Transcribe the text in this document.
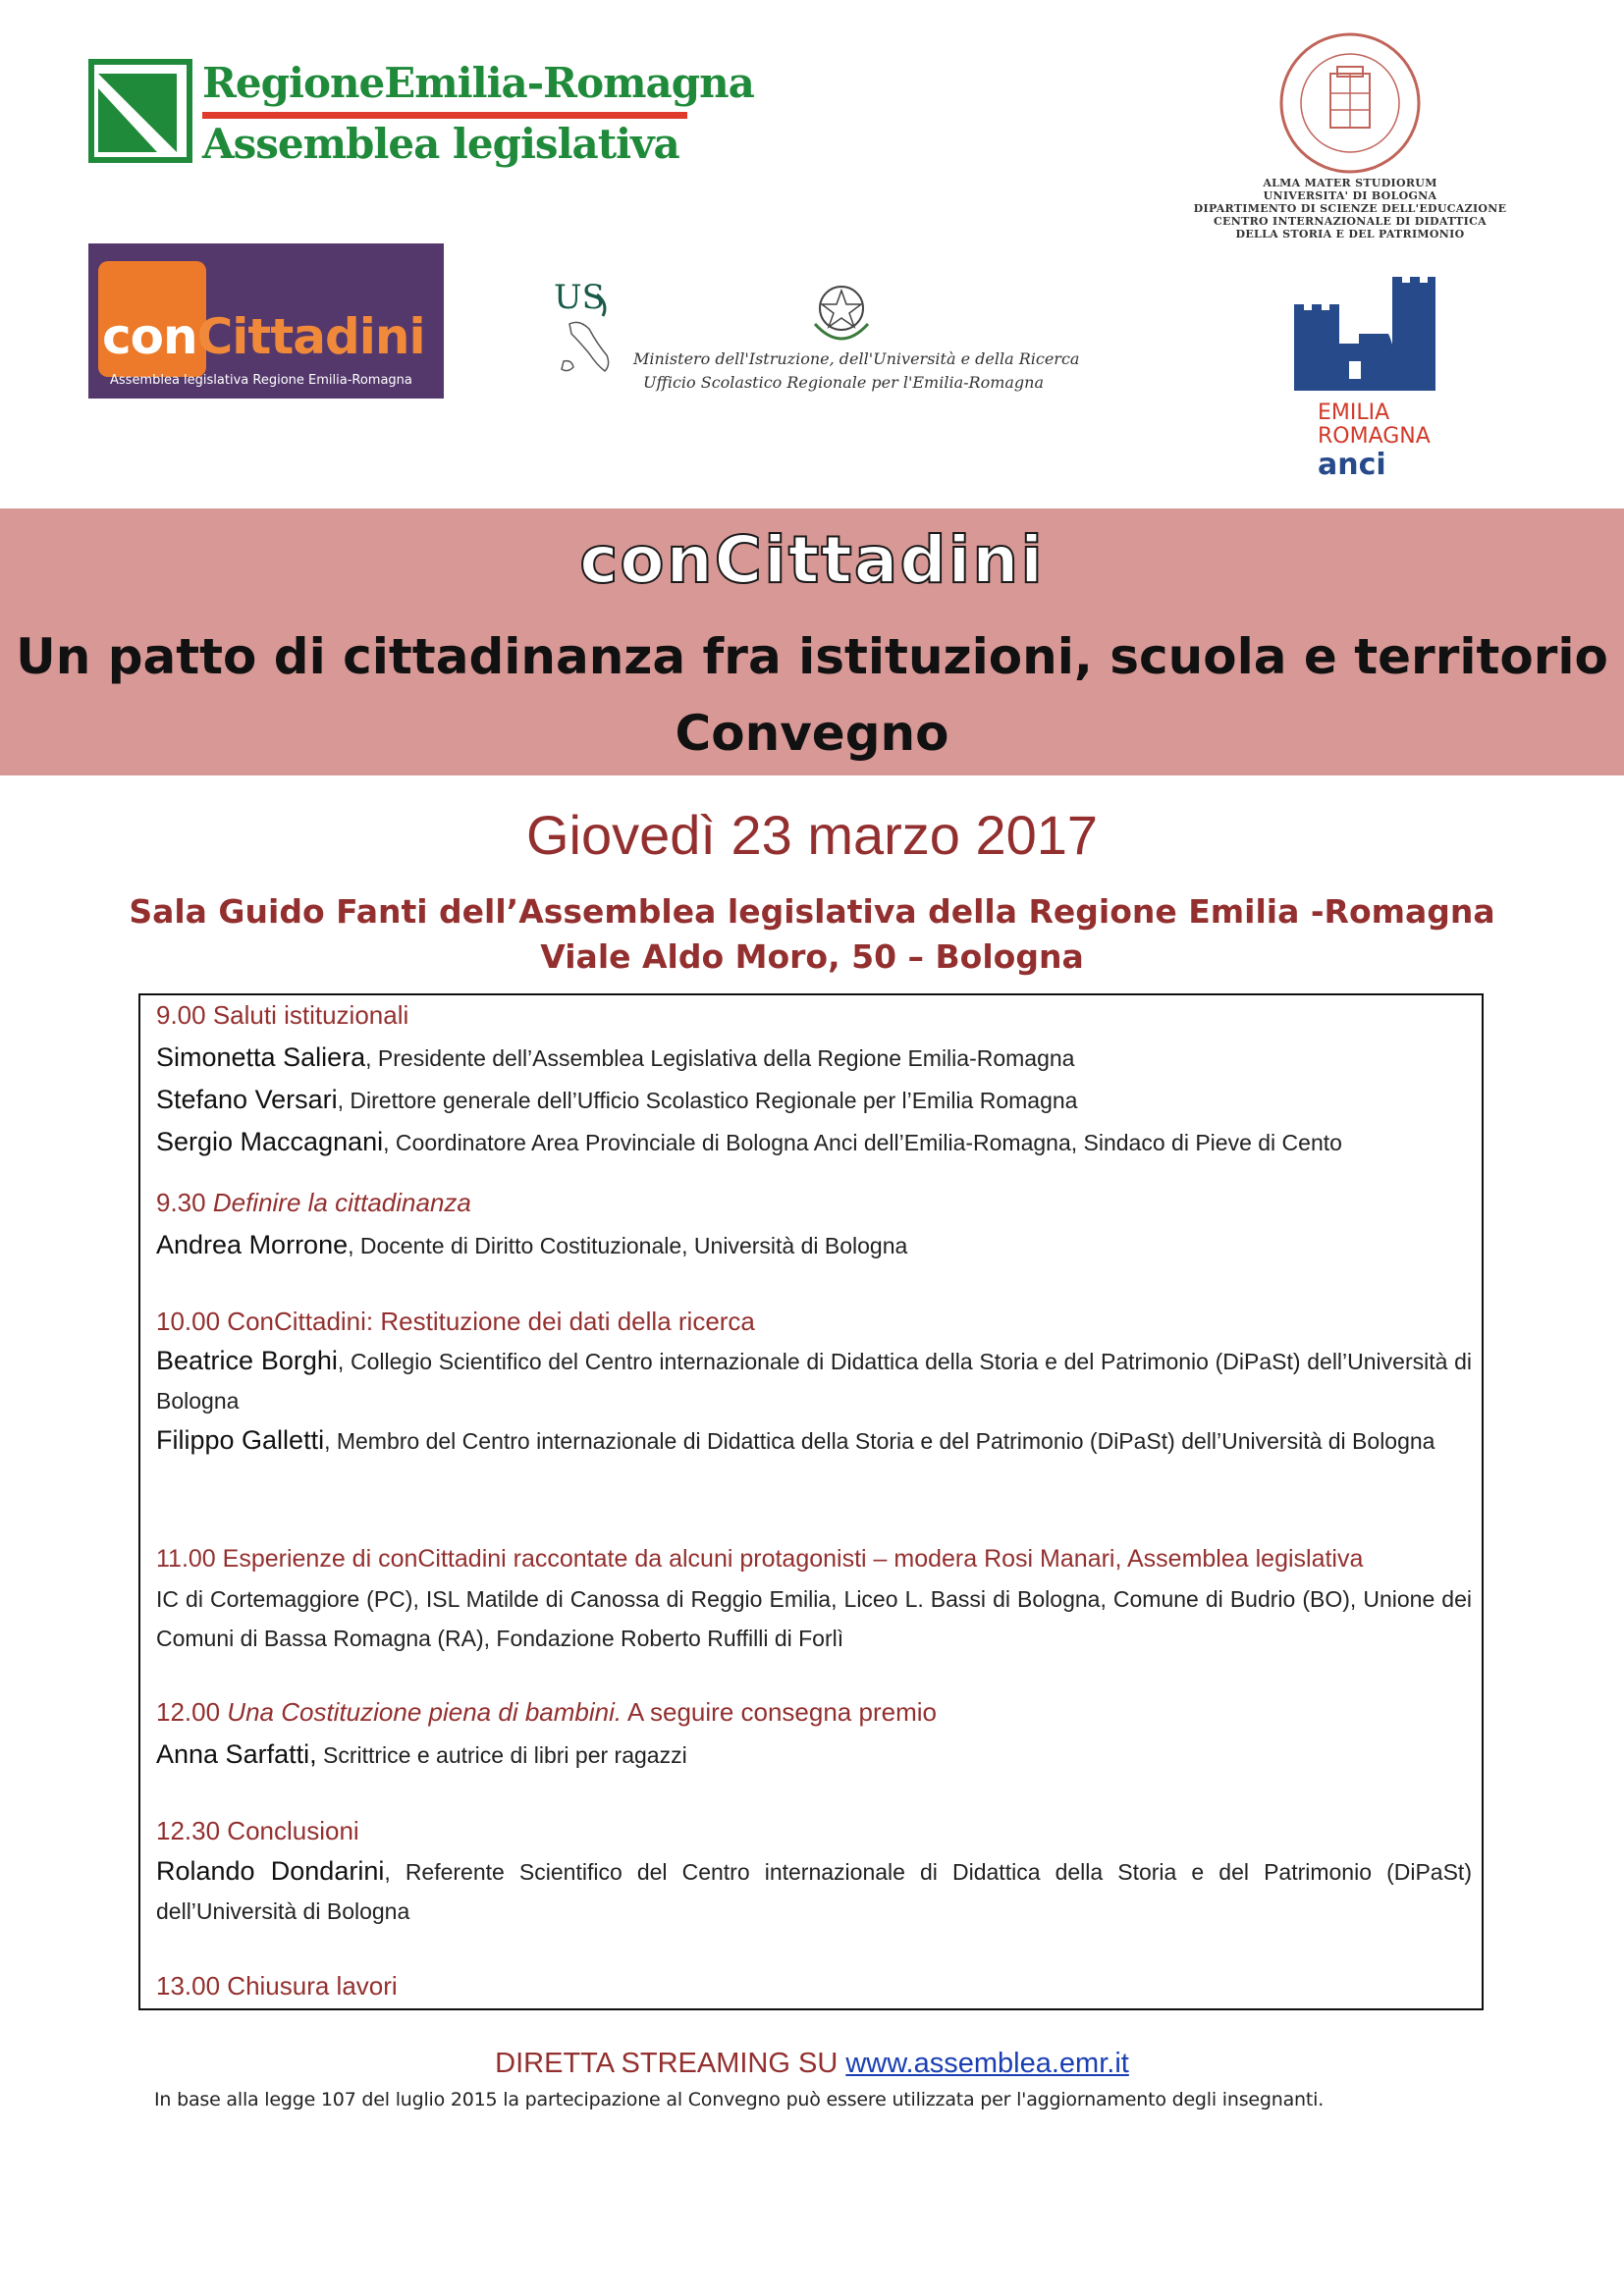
RegioneEmilia-Romagna
Assemblea legislativa
ALMA MATER STUDIORUM
UNIVERSITA' DI BOLOGNA
DIPARTIMENTO DI SCIENZE DELL'EDUCAZIONE
CENTRO INTERNAZIONALE DI DIDATTICA
DELLA STORIA E DEL PATRIMONIO
conCittadini
Assemblea legislativa Regione Emilia-Romagna
US
Ministero dell'Istruzione, dell'Università e della Ricerca
Ufficio Scolastico Regionale per l'Emilia-Romagna
EMILIA
ROMAGNA
anci
conCittadini
Un patto di cittadinanza fra istituzioni, scuola e territorio
Convegno
Giovedì 23 marzo 2017
Sala Guido Fanti dell’Assemblea legislativa della Regione Emilia -Romagna
Viale Aldo Moro, 50 – Bologna
9.00 Saluti istituzionali
Simonetta Saliera, Presidente dell’Assemblea Legislativa della Regione Emilia-Romagna
Stefano Versari, Direttore generale dell’Ufficio Scolastico Regionale per l’Emilia Romagna
Sergio Maccagnani, Coordinatore Area Provinciale di Bologna Anci dell’Emilia-Romagna, Sindaco di Pieve di Cento
9.30 Definire la cittadinanza
Andrea Morrone, Docente di Diritto Costituzionale, Università di Bologna
10.00 ConCittadini: Restituzione dei dati della ricerca
Beatrice Borghi, Collegio Scientifico del Centro internazionale di Didattica della Storia e del Patrimonio (DiPaSt) dell’Università di Bologna
Filippo Galletti, Membro del Centro internazionale di Didattica della Storia e del Patrimonio (DiPaSt) dell’Università di Bologna
11.00 Esperienze di conCittadini raccontate da alcuni protagonisti – modera Rosi Manari, Assemblea legislativa
IC di Cortemaggiore (PC), ISL Matilde di Canossa di Reggio Emilia, Liceo L. Bassi di Bologna, Comune di Budrio (BO), Unione dei Comuni di Bassa Romagna (RA), Fondazione Roberto Ruffilli di Forlì
12.00 Una Costituzione piena di bambini. A seguire consegna premio
Anna Sarfatti, Scrittrice e autrice di libri per ragazzi
12.30 Conclusioni
Rolando Dondarini, Referente Scientifico del Centro internazionale di Didattica della Storia e del Patrimonio (DiPaSt) dell’Università di Bologna
13.00 Chiusura lavori
DIRETTA STREAMING SU www.assemblea.emr.it
In base alla legge 107 del luglio 2015 la partecipazione al Convegno può essere utilizzata per l'aggiornamento degli insegnanti.
